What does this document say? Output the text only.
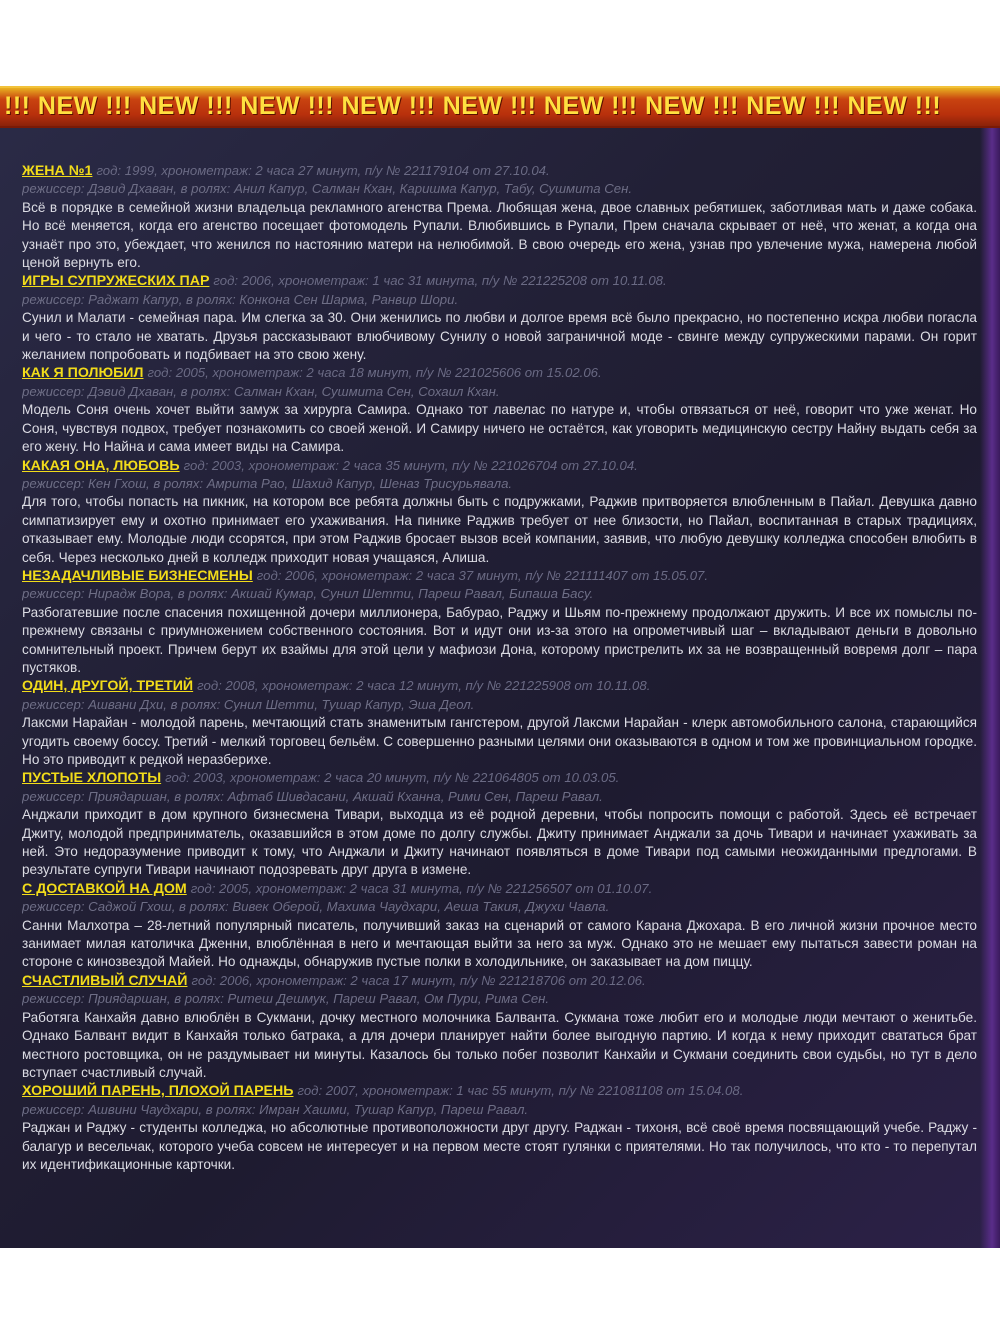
!!! NEW !!! NEW !!! NEW !!! NEW !!! NEW !!! NEW !!! NEW !!! NEW !!! NEW !!!
ЖЕНА №1 год: 1999, хронометраж: 2 часа 27 минут, п/у № 221179104 от 27.10.04.
режиссер: Дэвид Дхаван, в ролях: Анил Капур, Салман Кхан, Каришма Капур, Табу, Сушмита Сен.
Всё в порядке в семейной жизни владельца рекламного агенства Према. Любящая жена, двое славных ребятишек, заботливая мать и даже собака. Но всё меняется, когда его агенство посещает фотомодель Рупали. Влюбившись в Рупали, Прем сначала скрывает от неё, что женат, а когда она узнаёт про это, убеждает, что женился по настоянию матери на нелюбимой. В свою очередь его жена, узнав про увлечение мужа, намерена любой ценой вернуть его.
ИГРЫ СУПРУЖЕСКИХ ПАР год: 2006, хронометраж: 1 час 31 минута, п/у № 221225208 от 10.11.08.
режиссер: Раджат Капур, в ролях: Конкона Сен Шарма, Ранвир Шори.
Сунил и Малати - семейная пара. Им слегка за 30. Они женились по любви и долгое время всё было прекрасно, но постепенно искра любви погасла и чего - то стало не хватать. Друзья рассказывают влюбчивому Сунилу о новой заграничной моде - свинге между супружескими парами. Он горит желанием попробовать и подбивает на это свою жену.
КАК Я ПОЛЮБИЛ год: 2005, хронометраж: 2 часа 18 минут, п/у № 221025606 от 15.02.06.
режиссер: Дэвид Дхаван, в ролях: Салман Кхан, Сушмита Сен, Сохаил Кхан.
Модель Соня очень хочет выйти замуж за хирурга Самира. Однако тот лавелас по натуре и, чтобы отвязаться от неё, говорит что уже женат. Но Соня, чувствуя подвох, требует познакомить со своей женой. И Самиру ничего не остаётся, как уговорить медицинскую сестру Найну выдать себя за его жену. Но Найна и сама имеет виды на Самира.
КАКАЯ ОНА, ЛЮБОВЬ год: 2003, хронометраж: 2 часа 35 минут, п/у № 221026704 от 27.10.04.
режиссер: Кен Гхош, в ролях: Амрита Рао, Шахид Капур, Шеназ Трисурьявала.
Для того, чтобы попасть на пикник, на котором все ребята должны быть с подружками, Раджив притворяется влюбленным в Пайал. Девушка давно симпатизирует ему и охотно принимает его ухаживания. На пинике Раджив требует от нее близости, но Пайал, воспитанная в старых традициях, отказывает ему. Молодые люди ссорятся, при этом Раджив бросает вызов всей компании, заявив, что любую девушку колледжа способен влюбить в себя. Через несколько дней в колледж приходит новая учащаяся, Алиша.
НЕЗАДАЧЛИВЫЕ БИЗНЕСМЕНЫ год: 2006, хронометраж: 2 часа 37 минут, п/у № 221111407 от 15.05.07.
режиссер: Нирадж Вора, в ролях: Акшай Кумар, Сунил Шетти, Пареш Равал, Бипаша Басу.
Разбогатевшие после спасения похищенной дочери миллионера, Бабурао, Раджу и Шьям по-прежнему продолжают дружить. И все их помыслы по-прежнему связаны с приумножением собственного состояния. Вот и идут они из-за этого на опрометчивый шаг – вкладывают деньги в довольно сомнительный проект. Причем берут их взаймы для этой цели у мафиози Дона, которому пристрелить их за не возвращенный вовремя долг – пара пустяков.
ОДИН, ДРУГОЙ, ТРЕТИЙ год: 2008, хронометраж: 2 часа 12 минут, п/у № 221225908 от 10.11.08.
режиссер: Ашвани Дхи, в ролях: Сунил Шетти, Тушар Капур, Эша Деол.
Лаксми Нарайан - молодой парень, мечтающий стать знаменитым гангстером, другой Лаксми Нарайан - клерк автомобильного салона, старающийся угодить своему боссу. Третий - мелкий торговец бельём. С совершенно разными целями они оказываются в одном и том же провинциальном городке. Но это приводит к редкой неразберихе.
ПУСТЫЕ ХЛОПОТЫ год: 2003, хронометраж: 2 часа 20 минут, п/у № 221064805 от 10.03.05.
режиссер: Приядаршан, в ролях: Афтаб Шивдасани, Акшай Кханна, Рими Сен, Пареш Равал.
Анджали приходит в дом крупного бизнесмена Тивари, выходца из её родной деревни, чтобы попросить помощи с работой. Здесь её встречает Джиту, молодой предприниматель, оказавшийся в этом доме по долгу службы. Джиту принимает Анджали за дочь Тивари и начинает ухаживать за ней. Это недоразумение приводит к тому, что Анджали и Джиту начинают появляться в доме Тивари под самыми неожиданными предлогами. В результате супруги Тивари начинают подозревать друг друга в измене.
С ДОСТАВКОЙ НА ДОМ год: 2005, хронометраж: 2 часа 31 минута, п/у № 221256507 от 01.10.07.
режиссер: Саджой Гхош, в ролях: Вивек Оберой, Махима Чаудхари, Аеша Такия, Джухи Чавла.
Санни Малхотра – 28-летний популярный писатель, получивший заказ на сценарий от самого Карана Джохара. В его личной жизни прочное место занимает милая католичка Дженни, влюблённая в него и мечтающая выйти за него за муж. Однако это не мешает ему пытаться завести роман на стороне с кинозвездой Майей. Но однажды, обнаружив пустые полки в холодильнике, он заказывает на дом пиццу.
СЧАСТЛИВЫЙ СЛУЧАЙ год: 2006, хронометраж: 2 часа 17 минут, п/у № 221218706 от 20.12.06.
режиссер: Приядаршан, в ролях: Ритеш Дешмук, Пареш Равал, Ом Пури, Рима Сен.
Работяга Канхайя давно влюблён в Сукмани, дочку местного молочника Балванта. Сукмана тоже любит его и молодые люди мечтают о женитьбе. Однако Балвант видит в Канхайя только батрака, а для дочери планирует найти более выгодную партию. И когда к нему приходит свататься брат местного ростовщика, он не раздумывает ни минуты. Казалось бы только побег позволит Канхайи и Сукмани соединить свои судьбы, но тут в дело вступает счастливый случай.
ХОРОШИЙ ПАРЕНЬ, ПЛОХОЙ ПАРЕНЬ год: 2007, хронометраж: 1 час 55 минут, п/у № 221081108 от 15.04.08.
режиссер: Ашвини Чаудхари, в ролях: Имран Хашми, Тушар Капур, Пареш Равал.
Раджан и Раджу - студенты колледжа, но абсолютные противоположности друг другу. Раджан - тихоня, всё своё время посвящающий учебе. Раджу - балагур и весельчак, которого учеба совсем не интересует и на первом месте стоят гулянки с приятелями. Но так получилось, что кто - то перепутал их идентификационные карточки.
